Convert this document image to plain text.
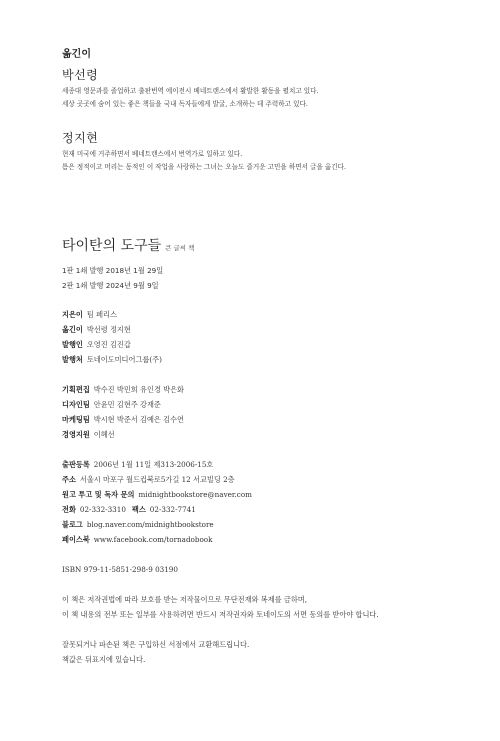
옮긴이
박선령
세종대 영문과를 졸업하고 출판번역 에이전시 베네트랜스에서 활발한 활동을 펼치고 있다.
세상 곳곳에 숨어 있는 좋은 책들을 국내 독자들에게 발굴, 소개하는 데 주력하고 있다.
정지현
현재 미국에 거주하면서 베네트랜스에서 번역가로 일하고 있다.
틈은 정적이고 머리는 동적인 이 작업을 사랑하는 그녀는 오늘도 즐거운 고민을 하면서 글을 옮긴다.
타이탄의 도구들 큰 글씨 책
1판 1쇄 발행 2018년 1월 29일
2판 1쇄 발행 2024년 9월 9일
지은이 팀 페리스
옮긴이 박선령 정지현
발행인 오영진 김진갑
발행처 토네이도미디어그룹(주)
기획편집 박수진 박민희 유인경 박은화
디자인팀 안윤민 김현주 강재준
마케팅팀 박시현 박준서 김예은 김수연
경영지원 이혜선
출판등록 2006년 1월 11일 제313-2006-15호
주소 서울시 마포구 월드컵북로5가길 12 서교빌딩 2층
원고 투고 및 독자 문의 midnightbookstore@naver.com
전화 02-332-3310 팩스 02-332-7741
블로그 blog.naver.com/midnightbookstore
페이스북 www.facebook.com/tornadobook
ISBN 979-11-5851-298-9 03190
이 책은 저작권법에 따라 보호를 받는 저작물이므로 무단전재와 복제를 금하며,
이 책 내용의 전부 또는 일부를 사용하려면 반드시 저작권자와 토네이도의 서면 동의를 받아야 합니다.
잘못되거나 파손된 책은 구입하신 서점에서 교환해드립니다.
책값은 뒤표지에 있습니다.
